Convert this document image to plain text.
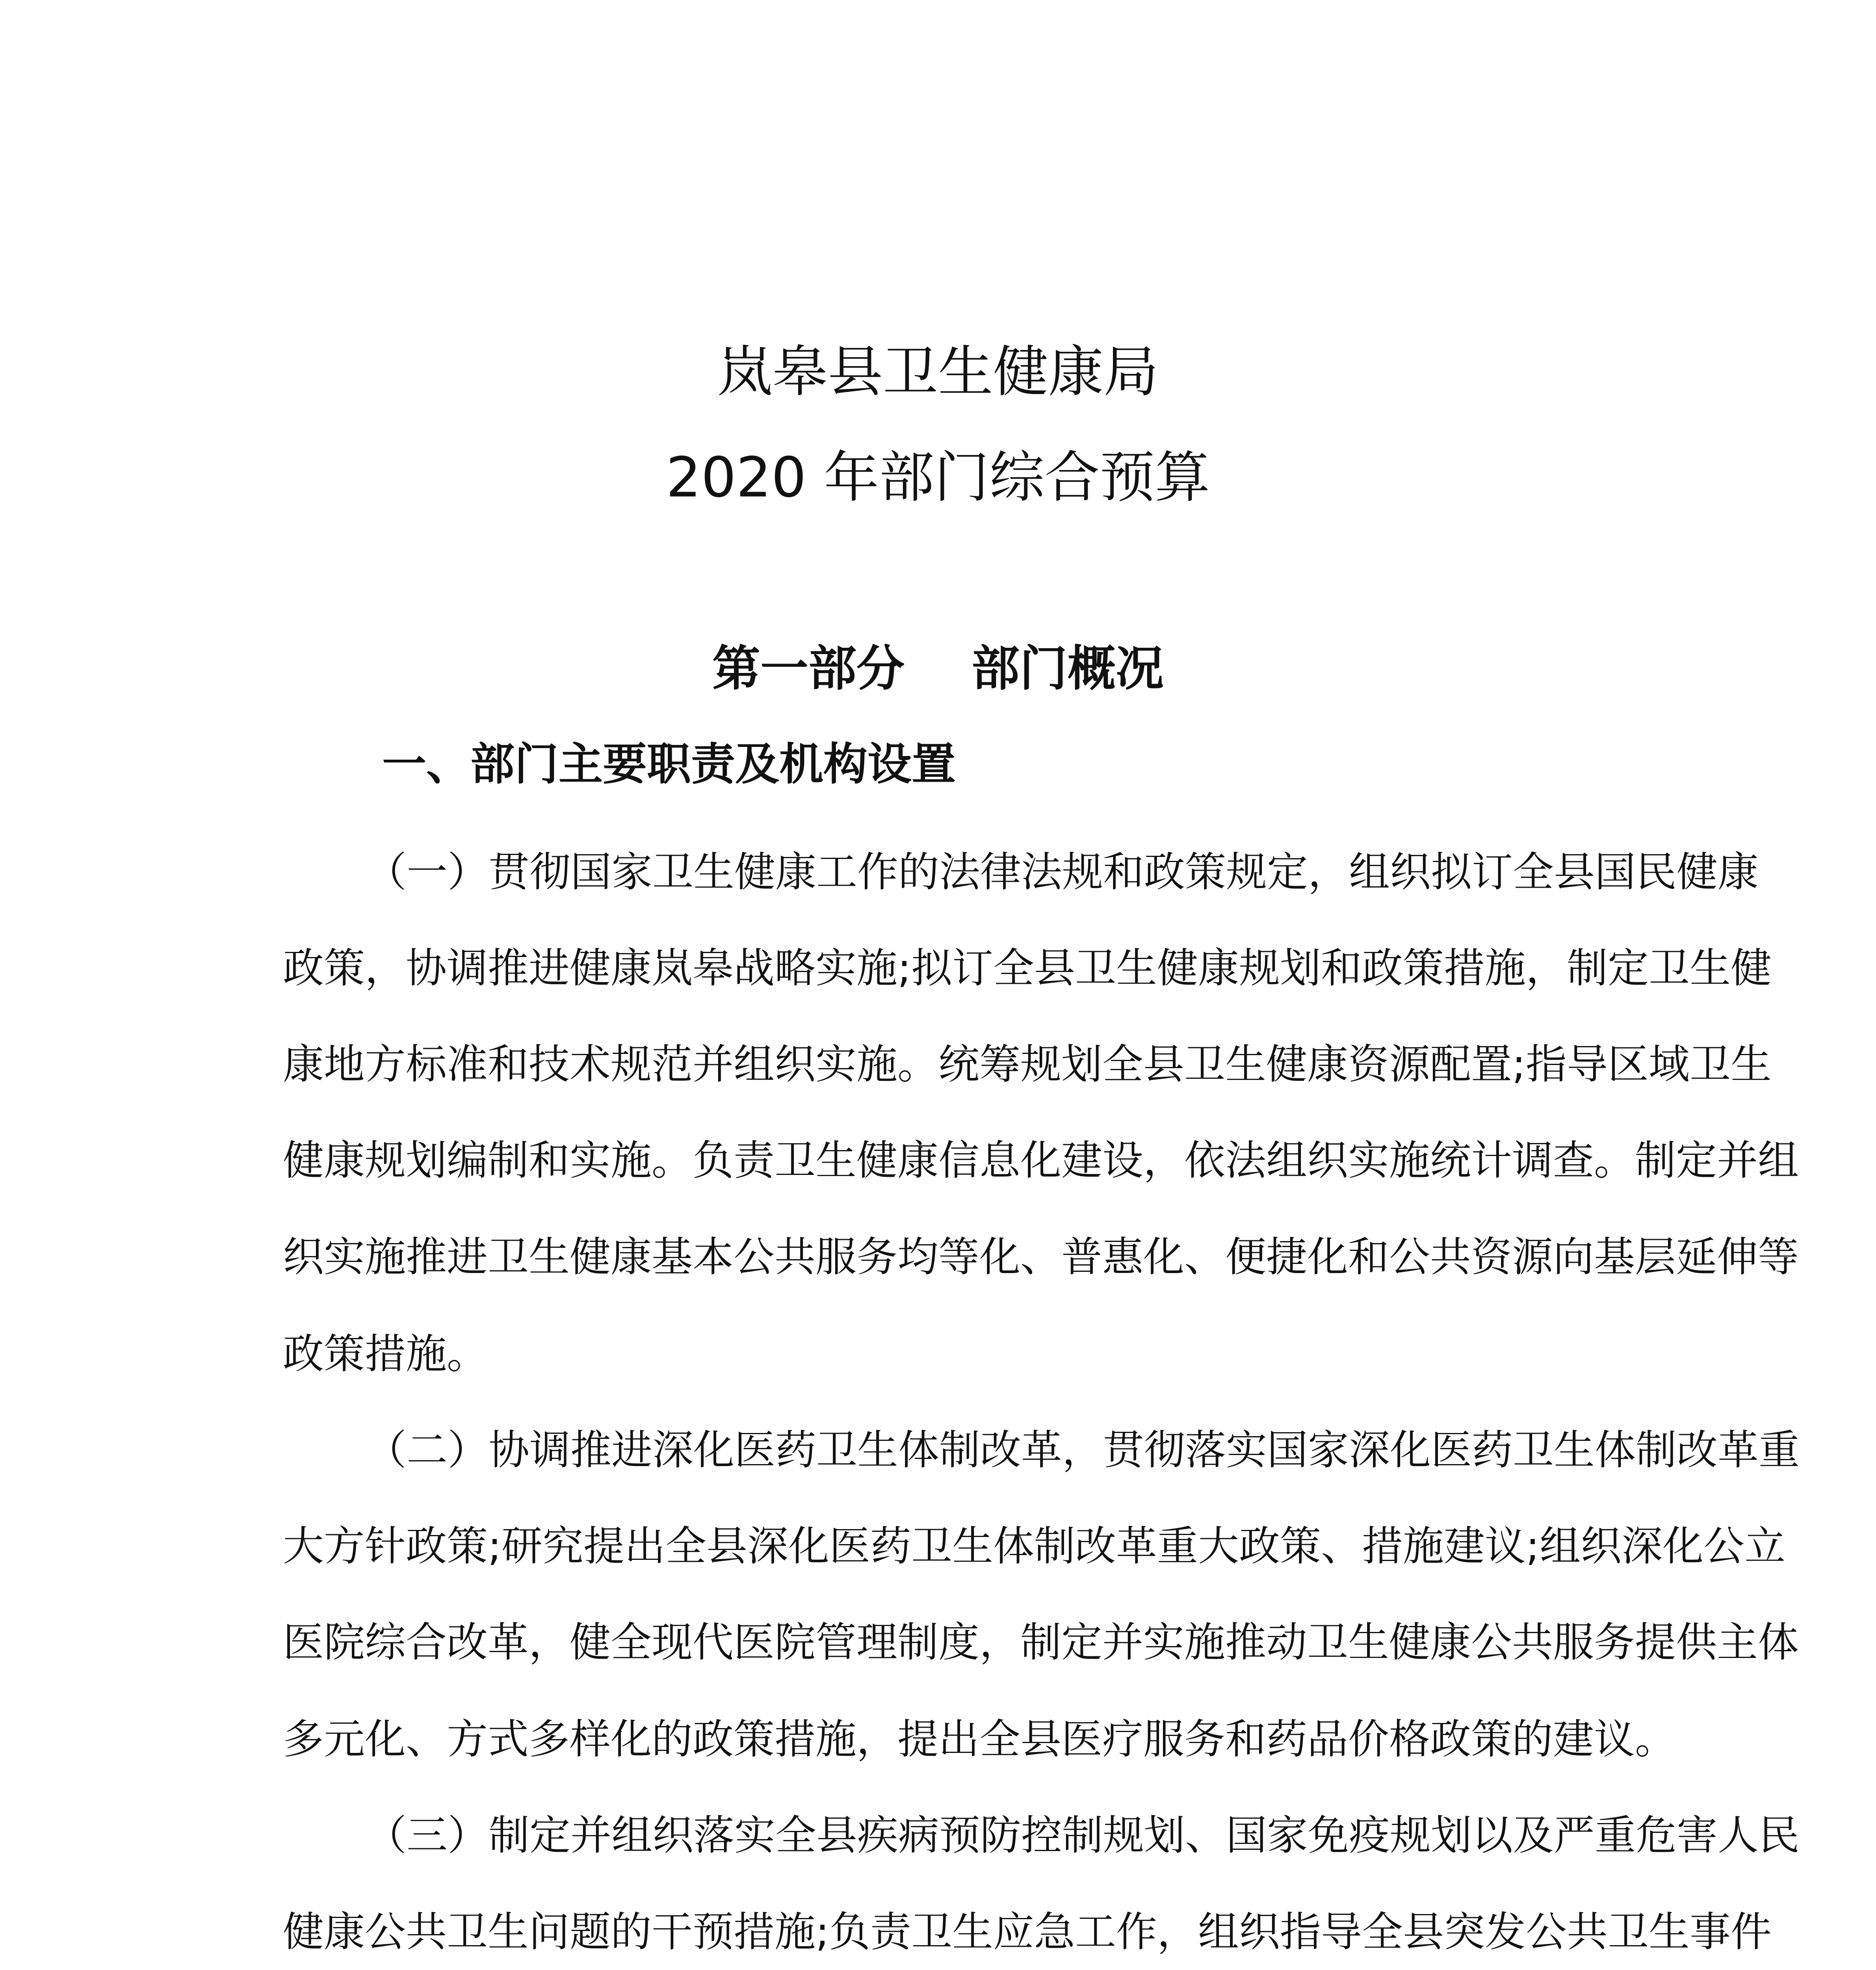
岚皋县卫生健康局
2020 年部门综合预算
第一部分    部门概况
一、部门主要职责及机构设置
（一）贯彻国家卫生健康工作的法律法规和政策规定，组织拟订全县国民健康
政策，协调推进健康岚皋战略实施;拟订全县卫生健康规划和政策措施，制定卫生健
康地方标准和技术规范并组织实施。统筹规划全县卫生健康资源配置;指导区域卫生
健康规划编制和实施。负责卫生健康信息化建设，依法组织实施统计调查。制定并组
织实施推进卫生健康基本公共服务均等化、普惠化、便捷化和公共资源向基层延伸等
政策措施。
（二）协调推进深化医药卫生体制改革，贯彻落实国家深化医药卫生体制改革重
大方针政策;研究提出全县深化医药卫生体制改革重大政策、措施建议;组织深化公立
医院综合改革，健全现代医院管理制度，制定并实施推动卫生健康公共服务提供主体
多元化、方式多样化的政策措施，提出全县医疗服务和药品价格政策的建议。
（三）制定并组织落实全县疾病预防控制规划、国家免疫规划以及严重危害人民
健康公共卫生问题的干预措施;负责卫生应急工作，组织指导全县突发公共卫生事件
